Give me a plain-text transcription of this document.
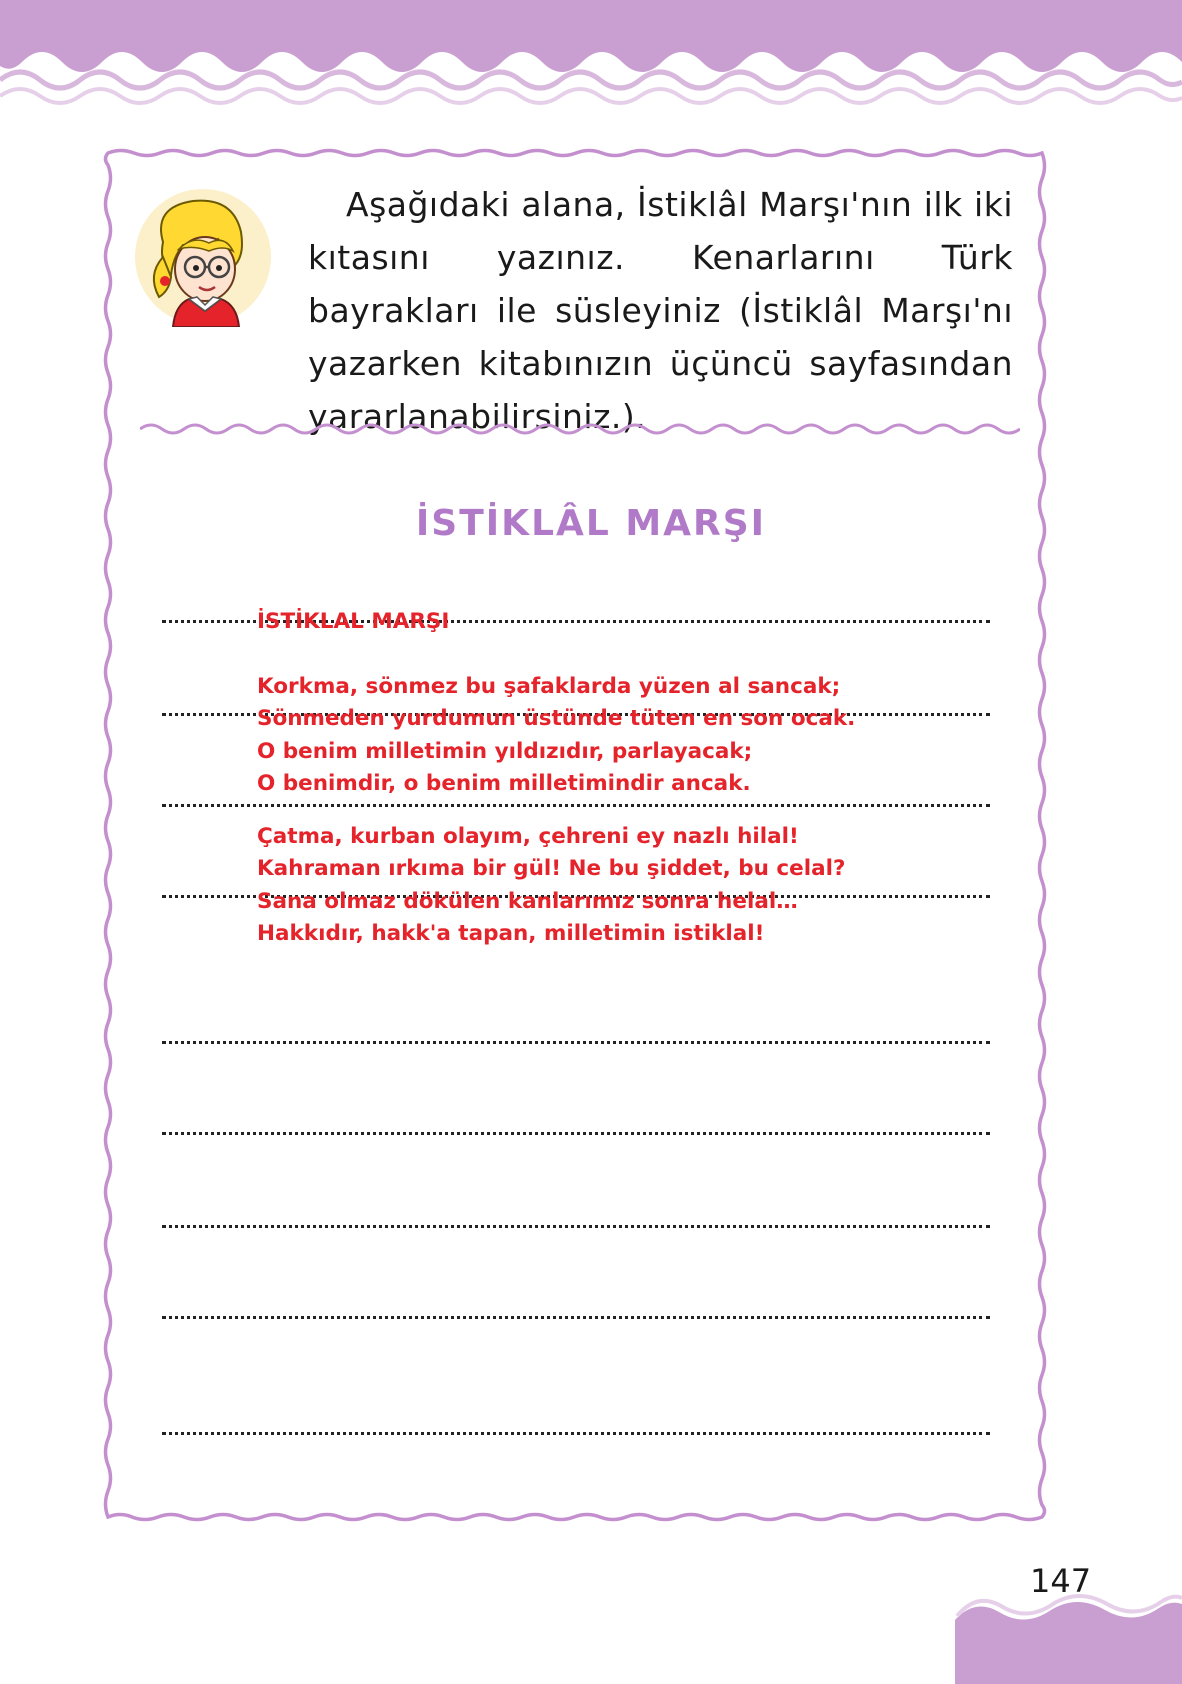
Aşağıdaki alana, İstiklâl Marşı'nın ilk iki kıtasını yazınız. Kenarlarını Türk bayrakları ile süsleyiniz (İstiklâl Marşı'nı yazarken kitabınızın üçüncü sayfasından yararlanabilirsiniz.).

İSTİKLÂL MARŞI
İSTİKLAL MARŞI
Korkma, sönmez bu şafaklarda yüzen al sancak;
Sönmeden yurdumun üstünde tüten en son ocak.
O benim milletimin yıldızıdır, parlayacak;
O benimdir, o benim milletimindir ancak.
Çatma, kurban olayım, çehreni ey nazlı hilal!
Kahraman ırkıma bir gül! Ne bu şiddet, bu celal?
Sana olmaz dökülen kanlarımız sonra helal…
Hakkıdır, hakk'a tapan, milletimin istiklal!
147
